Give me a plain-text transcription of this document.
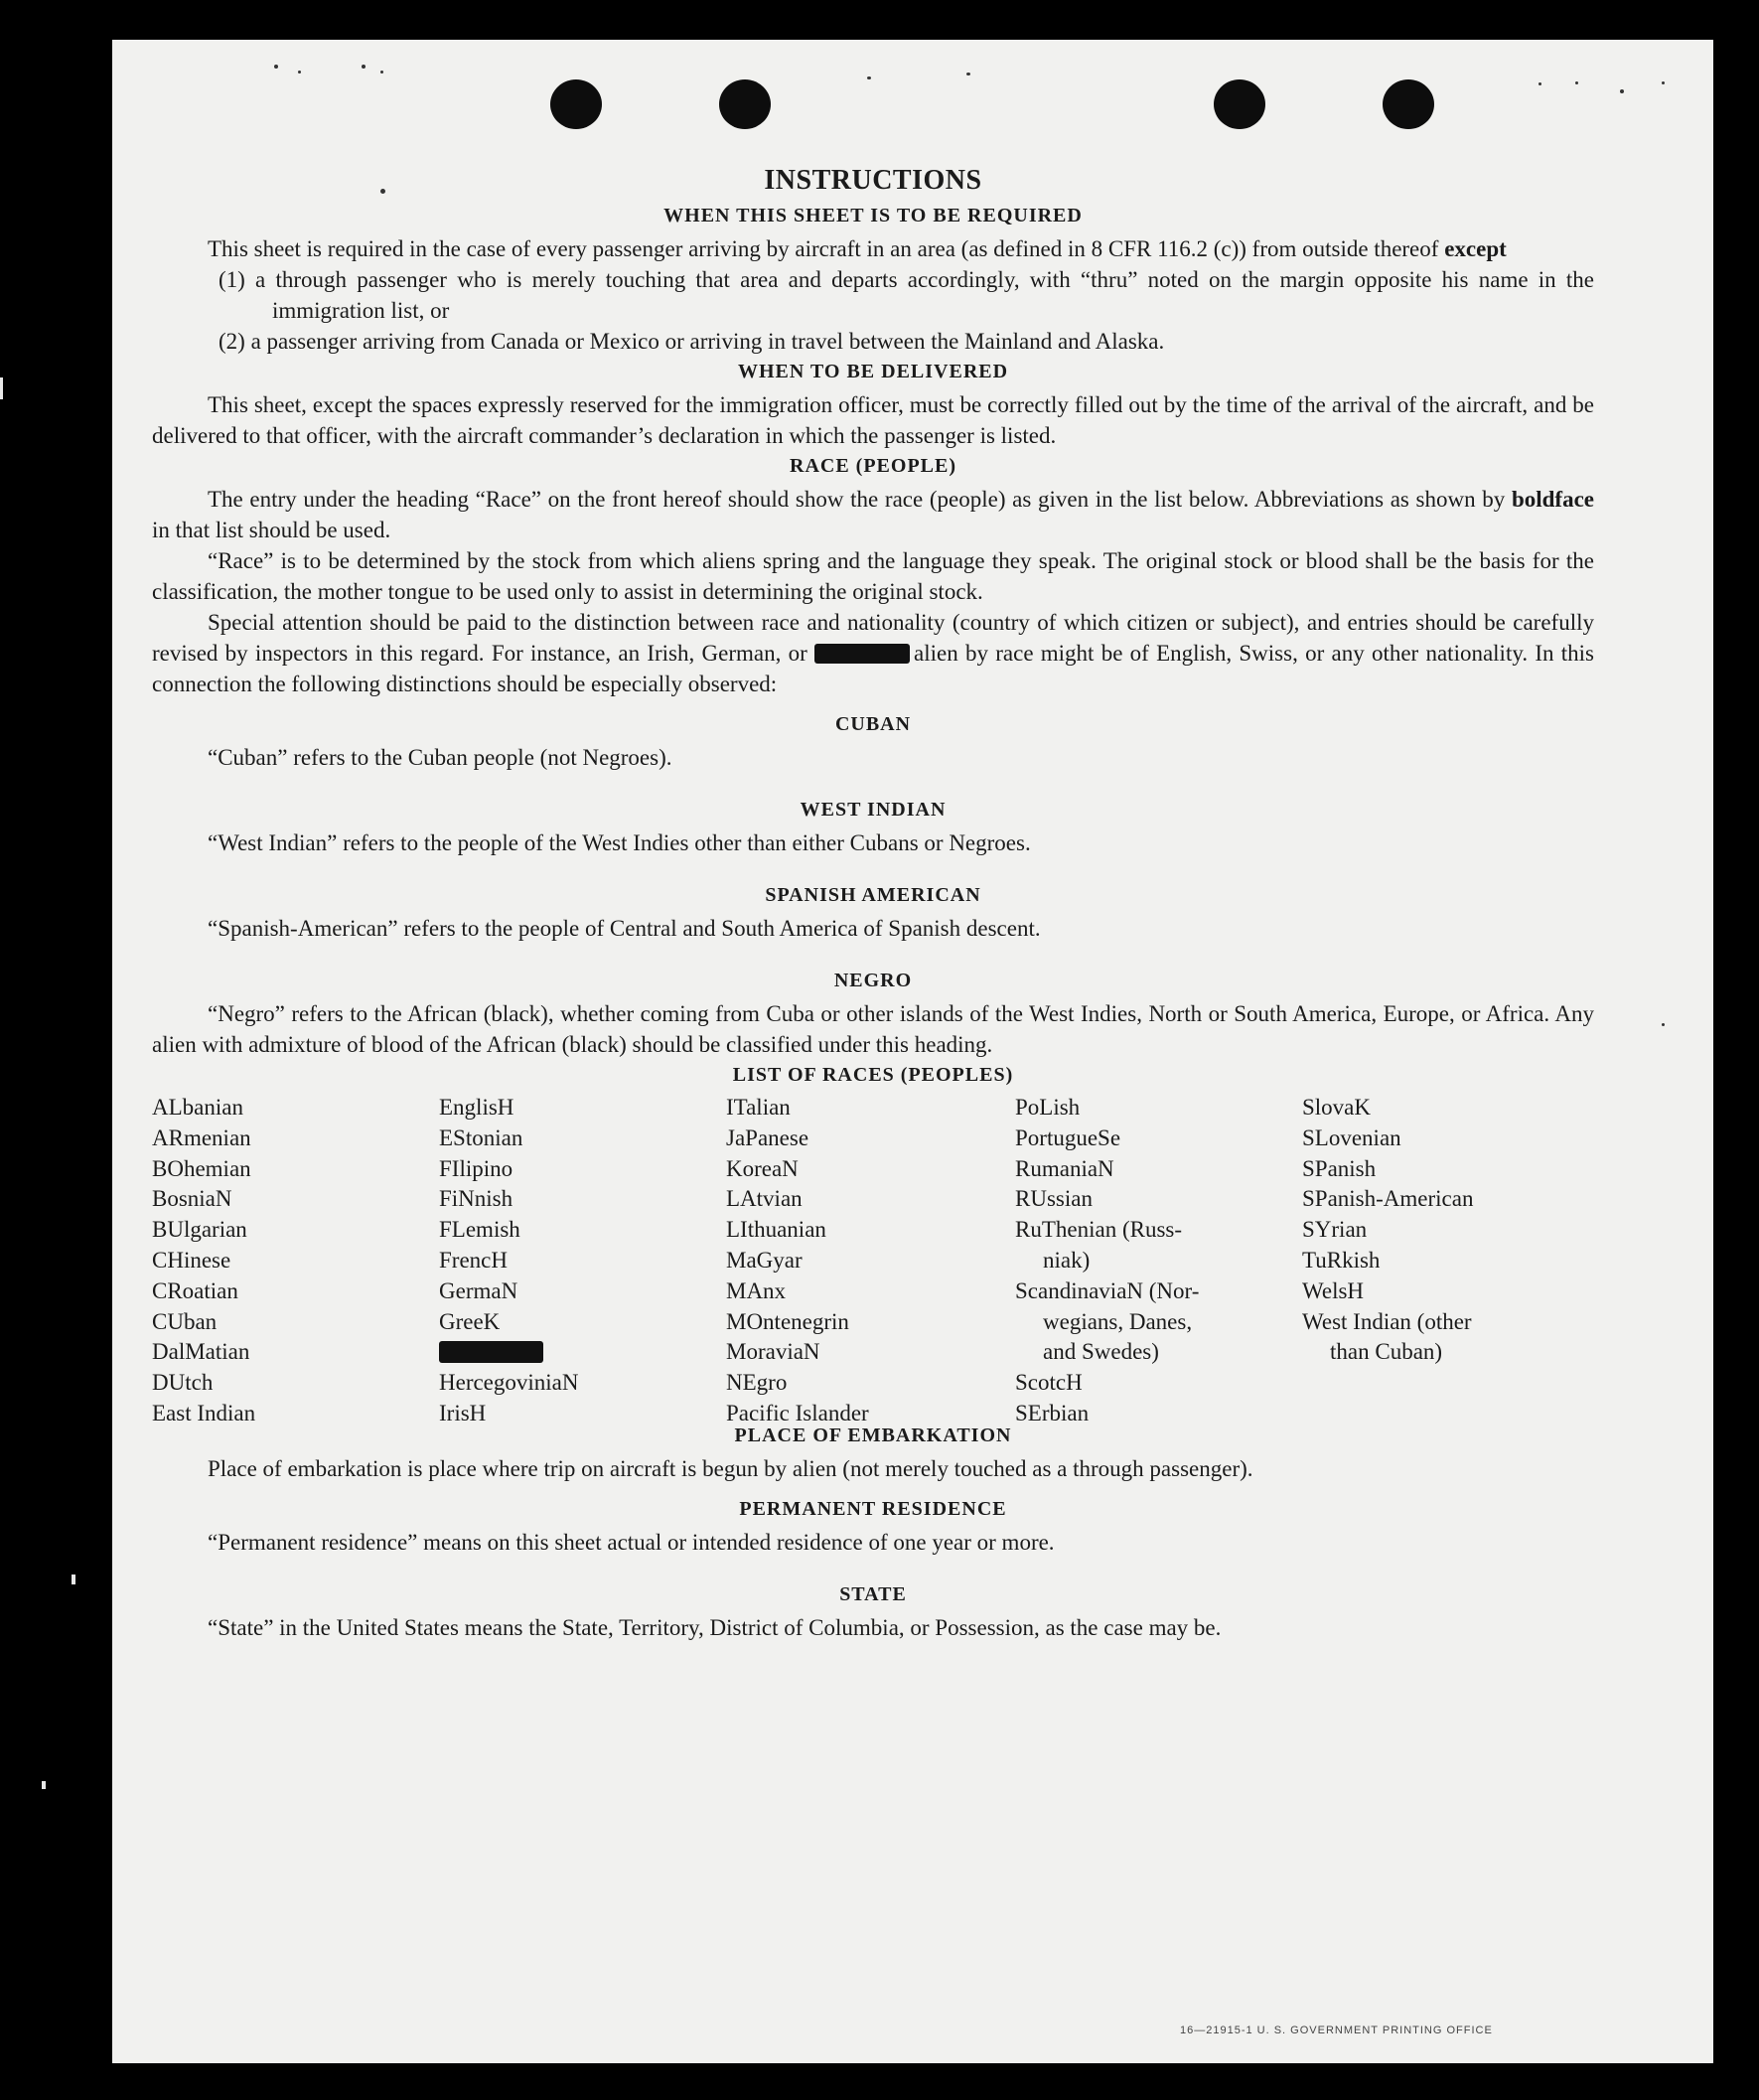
INSTRUCTIONS
WHEN THIS SHEET IS TO BE REQUIRED

This sheet is required in the case of every passenger arriving by aircraft in an area (as defined in 8 CFR 116.2 (c)) from outside thereof except

(1) a through passenger who is merely touching that area and departs accordingly, with “thru” noted on the margin opposite his name in the immigration list, or
(2) a passenger arriving from Canada or Mexico or arriving in travel between the Mainland and Alaska.
WHEN TO BE DELIVERED

This sheet, except the spaces expressly reserved for the immigration officer, must be correctly filled out by the time of the arrival of the aircraft, and be delivered to that officer, with the aircraft commander’s declaration in which the passenger is listed.

RACE (PEOPLE)

The entry under the heading “Race” on the front hereof should show the race (people) as given in the list below. Abbreviations as shown by boldface in that list should be used.

“Race” is to be determined by the stock from which aliens spring and the language they speak. The original stock or blood shall be the basis for the classification, the mother tongue to be used only to assist in determining the original stock.

Special attention should be paid to the distinction between race and nationality (country of which citizen or subject), and entries should be carefully revised by inspectors in this regard. For instance, an Irish, German, or	alien by race might be of English, Swiss, or any other nationality. In this connection the following distinctions should be especially observed:

CUBAN

“Cuban” refers to the Cuban people (not Negroes).

WEST INDIAN

“West Indian” refers to the people of the West Indies other than either Cubans or Negroes.

SPANISH AMERICAN

“Spanish-American” refers to the people of Central and South America of Spanish descent.

NEGRO

“Negro” refers to the African (black), whether coming from Cuba or other islands of the West Indies, North or South America, Europe, or Africa. Any alien with admixture of blood of the African (black) should be classified under this heading.

LIST OF RACES (PEOPLES)
ALbanian
ARmenian
BOhemian
BosniaN
BUlgarian
CHinese
CRoatian
CUban
DalMatian
DUtch
East Indian
EnglisH
EStonian
FIlipino
FiNnish
FLemish
FrencH
GermaN
GreeK
HercegoviniaN
IrisH
ITalian
JaPanese
KoreaN
LAtvian
LIthuanian
MaGyar
MAnx
MOntenegrin
MoraviaN
NEgro
Pacific Islander
PoLish
PortugueSe
RumaniaN
RUssian
RuThenian (Russ-
niak)
ScandinaviaN (Nor-
wegians, Danes,
and Swedes)
ScotcH
SErbian
SlovaK
SLovenian
SPanish
SPanish-American
SYrian
TuRkish
WelsH
West Indian (other
than Cuban)
PLACE OF EMBARKATION

Place of embarkation is place where trip on aircraft is begun by alien (not merely touched as a through passenger).

PERMANENT RESIDENCE

“Permanent residence” means on this sheet actual or intended residence of one year or more.

STATE

“State” in the United States means the State, Territory, District of Columbia, or Possession, as the case may be.

16—21915-1 U. S. GOVERNMENT PRINTING OFFICE
